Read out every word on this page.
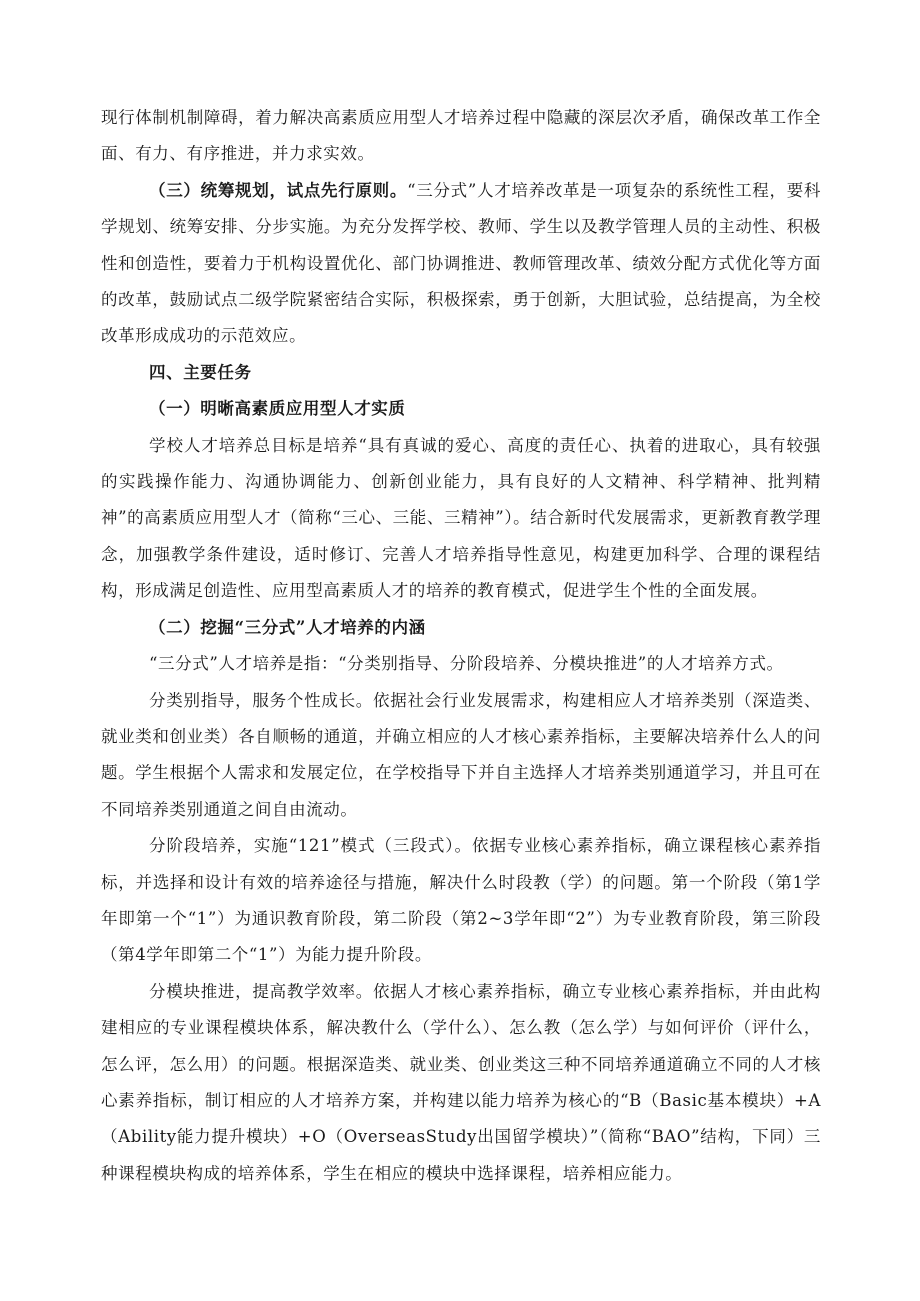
现行体制机制障碍，着力解决高素质应用型人才培养过程中隐藏的深层次矛盾，确保改革工作全面、有力、有序推进，并力求实效。

（三）统筹规划，试点先行原则。“三分式”人才培养改革是一项复杂的系统性工程，要科学规划、统筹安排、分步实施。为充分发挥学校、教师、学生以及教学管理人员的主动性、积极性和创造性，要着力于机构设置优化、部门协调推进、教师管理改革、绩效分配方式优化等方面的改革，鼓励试点二级学院紧密结合实际，积极探索，勇于创新，大胆试验，总结提高，为全校改革形成成功的示范效应。

四、主要任务

（一）明晰高素质应用型人才实质

学校人才培养总目标是培养“具有真诚的爱心、高度的责任心、执着的进取心，具有较强的实践操作能力、沟通协调能力、创新创业能力，具有良好的人文精神、科学精神、批判精神”的高素质应用型人才（简称“三心、三能、三精神”）。结合新时代发展需求，更新教育教学理念，加强教学条件建设，适时修订、完善人才培养指导性意见，构建更加科学、合理的课程结构，形成满足创造性、应用型高素质人才的培养的教育模式，促进学生个性的全面发展。

（二）挖掘“三分式”人才培养的内涵

“三分式”人才培养是指：“分类别指导、分阶段培养、分模块推进”的人才培养方式。

分类别指导，服务个性成长。依据社会行业发展需求，构建相应人才培养类别（深造类、就业类和创业类）各自顺畅的通道，并确立相应的人才核心素养指标，主要解决培养什么人的问题。学生根据个人需求和发展定位，在学校指导下并自主选择人才培养类别通道学习，并且可在不同培养类别通道之间自由流动。

分阶段培养，实施“121”模式（三段式）。依据专业核心素养指标，确立课程核心素养指标，并选择和设计有效的培养途径与措施，解决什么时段教（学）的问题。第一个阶段（第1学年即第一个“1”）为通识教育阶段，第二阶段（第2~3学年即“2”）为专业教育阶段，第三阶段（第4学年即第二个“1”）为能力提升阶段。

分模块推进，提高教学效率。依据人才核心素养指标，确立专业核心素养指标，并由此构建相应的专业课程模块体系，解决教什么（学什么）、怎么教（怎么学）与如何评价（评什么，怎么评，怎么用）的问题。根据深造类、就业类、创业类这三种不同培养通道确立不同的人才核心素养指标，制订相应的人才培养方案，并构建以能力培养为核心的“B（Basic基本模块）+A（Ability能力提升模块）+O（OverseasStudy出国留学模块）”（简称“BAO”结构，下同）三种课程模块构成的培养体系，学生在相应的模块中选择课程，培养相应能力。
